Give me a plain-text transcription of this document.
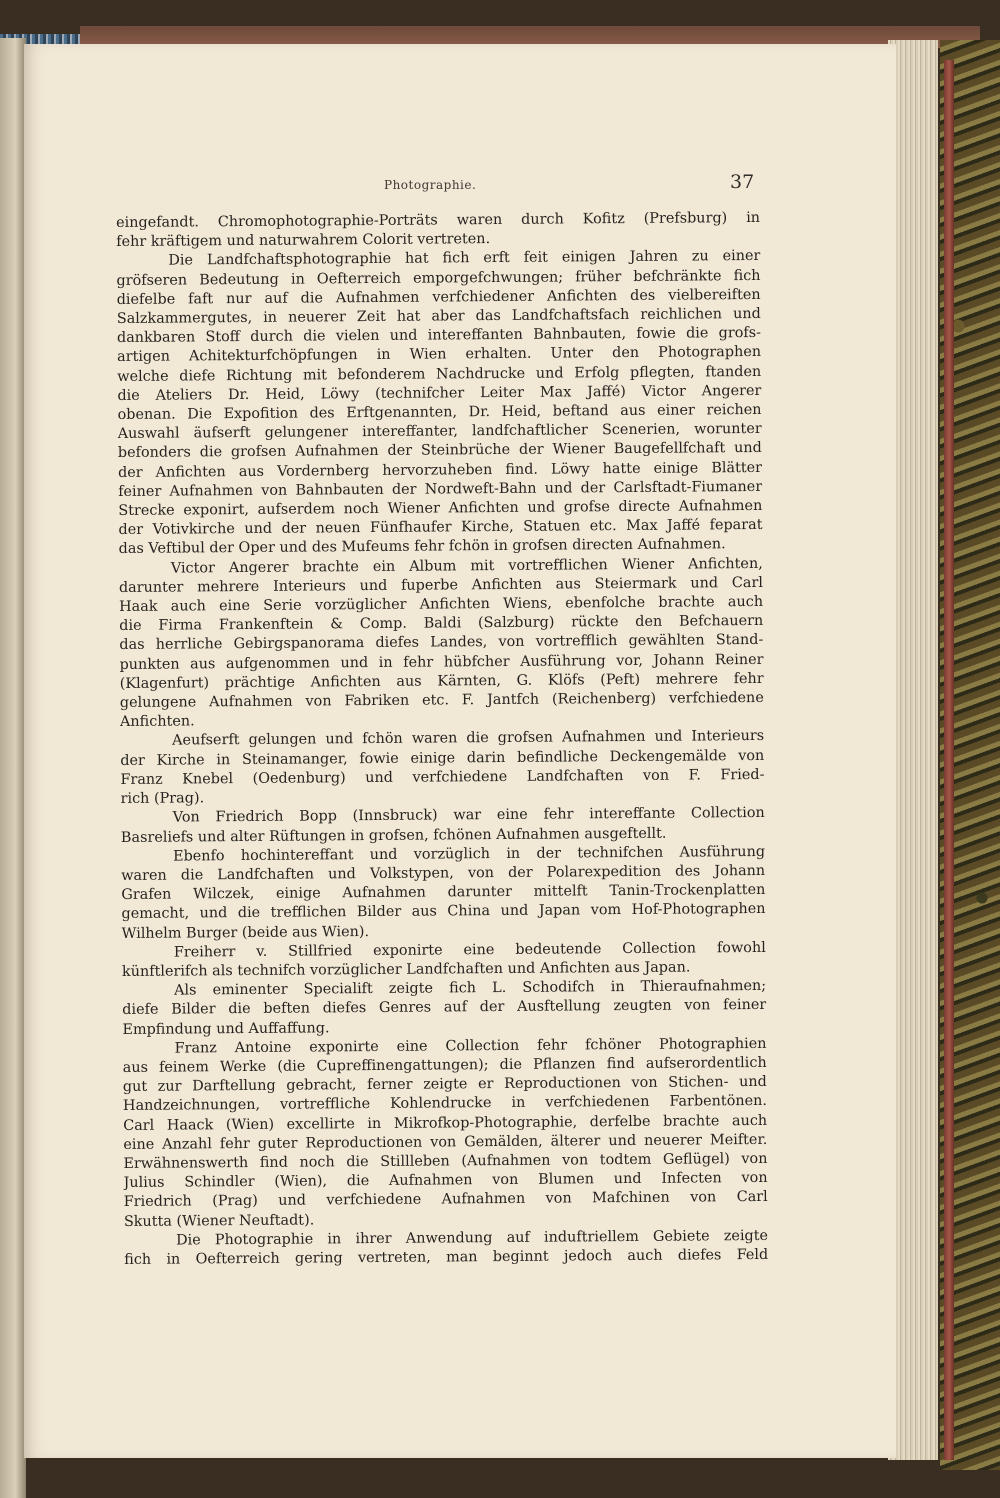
Photographie.	37
eingefandt. Chromophotographie-Porträts waren durch Kofitz (Prefsburg) in
fehr kräftigem und naturwahrem Colorit vertreten.
Die Landfchaftsphotographie hat fich erft feit einigen Jahren zu einer
gröfseren Bedeutung in Oefterreich emporgefchwungen; früher befchränkte fich
diefelbe faft nur auf die Aufnahmen verfchiedener Anfichten des vielbereiften
Salzkammergutes, in neuerer Zeit hat aber das Landfchaftsfach reichlichen und
dankbaren Stoff durch die vielen und intereffanten Bahnbauten, fowie die grofs-
artigen Achitekturfchöpfungen in Wien erhalten. Unter den Photographen
welche diefe Richtung mit befonderem Nachdrucke und Erfolg pflegten, ftanden
die Ateliers Dr. Heid, Löwy (technifcher Leiter Max Jaffé) Victor Angerer
obenan. Die Expofition des Erftgenannten, Dr. Heid, beftand aus einer reichen
Auswahl äufserft gelungener intereffanter, landfchaftlicher Scenerien, worunter
befonders die grofsen Aufnahmen der Steinbrüche der Wiener Baugefellfchaft und
der Anfichten aus Vordernberg hervorzuheben find. Löwy hatte einige Blätter
feiner Aufnahmen von Bahnbauten der Nordweft-Bahn und der Carlsftadt-Fiumaner
Strecke exponirt, aufserdem noch Wiener Anfichten und grofse directe Aufnahmen
der Votivkirche und der neuen Fünfhaufer Kirche, Statuen etc. Max Jaffé feparat
das Veftibul der Oper und des Mufeums fehr fchön in grofsen directen Aufnahmen.
Victor Angerer brachte ein Album mit vortrefflichen Wiener Anfichten,
darunter mehrere Interieurs und fuperbe Anfichten aus Steiermark und Carl
Haak auch eine Serie vorzüglicher Anfichten Wiens, ebenfolche brachte auch
die Firma Frankenftein & Comp. Baldi (Salzburg) rückte den Befchauern
das herrliche Gebirgspanorama diefes Landes, von vortrefflich gewählten Stand-
punkten aus aufgenommen und in fehr hübfcher Ausführung vor, Johann Reiner
(Klagenfurt) prächtige Anfichten aus Kärnten, G. Klöfs (Peft) mehrere fehr
gelungene Aufnahmen von Fabriken etc. F. Jantfch (Reichenberg) verfchiedene
Anfichten.
Aeufserft gelungen und fchön waren die grofsen Aufnahmen und Interieurs
der Kirche in Steinamanger, fowie einige darin befindliche Deckengemälde von
Franz Knebel (Oedenburg) und verfchiedene Landfchaften von F. Fried-
rich (Prag).
Von Friedrich Bopp (Innsbruck) war eine fehr intereffante Collection
Basreliefs und alter Rüftungen in grofsen, fchönen Aufnahmen ausgeftellt.
Ebenfo hochintereffant und vorzüglich in der technifchen Ausführung
waren die Landfchaften und Volkstypen, von der Polarexpedition des Johann
Grafen Wilczek, einige Aufnahmen darunter mittelft Tanin-Trockenplatten
gemacht, und die trefflichen Bilder aus China und Japan vom Hof-Photographen
Wilhelm Burger (beide aus Wien).
Freiherr v. Stillfried exponirte eine bedeutende Collection fowohl
künftlerifch als technifch vorzüglicher Landfchaften und Anfichten aus Japan.
Als eminenter Specialift zeigte fich L. Schodifch in Thieraufnahmen;
diefe Bilder die beften diefes Genres auf der Ausftellung zeugten von feiner
Empfindung und Auffaffung.
Franz Antoine exponirte eine Collection fehr fchöner Photographien
aus feinem Werke (die Cupreffinengattungen); die Pflanzen find aufserordentlich
gut zur Darftellung gebracht, ferner zeigte er Reproductionen von Stichen- und
Handzeichnungen, vortreffliche Kohlendrucke in verfchiedenen Farbentönen.
Carl Haack (Wien) excellirte in Mikrofkop-Photographie, derfelbe brachte auch
eine Anzahl fehr guter Reproductionen von Gemälden, älterer und neuerer Meifter.
Erwähnenswerth find noch die Stillleben (Aufnahmen von todtem Geflügel) von
Julius Schindler (Wien), die Aufnahmen von Blumen und Infecten von
Friedrich (Prag) und verfchiedene Aufnahmen von Mafchinen von Carl
Skutta (Wiener Neuftadt).
Die Photographie in ihrer Anwendung auf induftriellem Gebiete zeigte
fich in Oefterreich gering vertreten, man beginnt jedoch auch diefes Feld
